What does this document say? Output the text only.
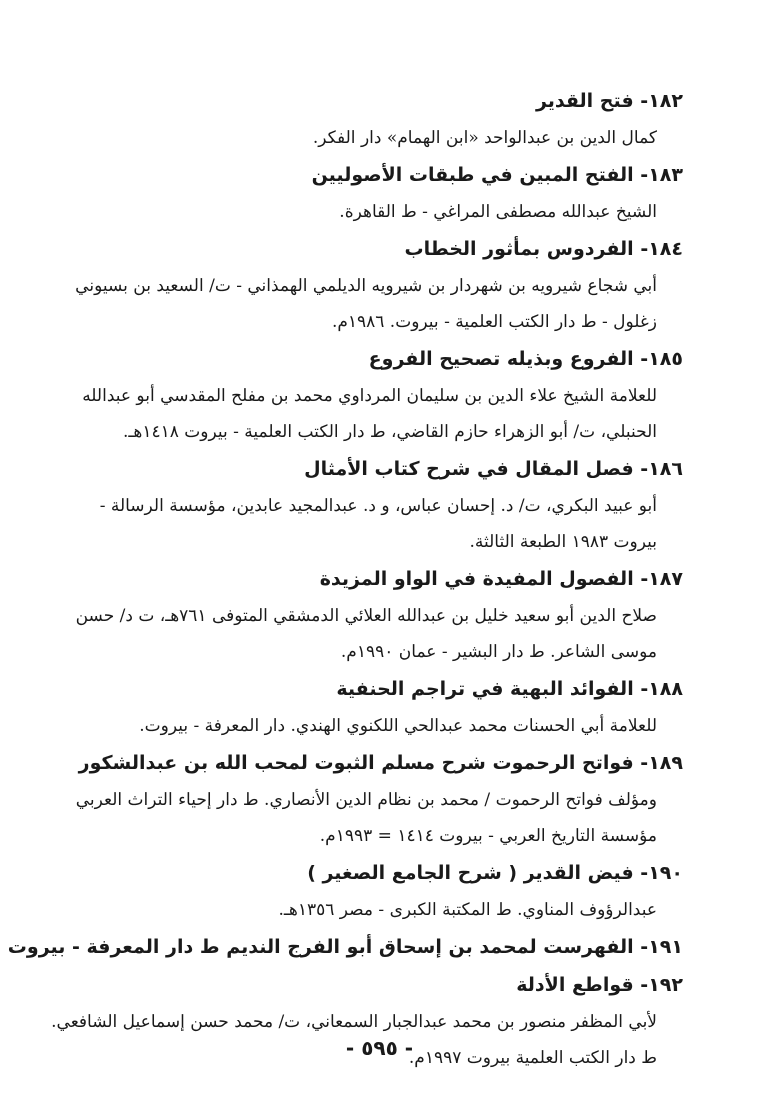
١٨٢- فتح القدير
كمال الدين بن عبدالواحد «ابن الهمام» دار الفكر.
١٨٣- الفتح المبين في طبقات الأصوليين
الشيخ عبدالله مصطفى المراغي - ط القاهرة.
١٨٤- الفردوس بمأثور الخطاب
أبي شجاع شيرويه بن شهردار بن شيرويه الديلمي الهمذاني - ت/ السعيد بن بسيوني
زغلول - ط دار الكتب العلمية - بيروت. ١٩٨٦م.
١٨٥- الفروع وبذيله تصحيح الفروع
للعلامة الشيخ علاء الدين بن سليمان المرداوي محمد بن مفلح المقدسي أبو عبدالله
الحنبلي، ت/ أبو الزهراء حازم القاضي، ط دار الكتب العلمية - بيروت ١٤١٨هـ.
١٨٦- فصل المقال في شرح كتاب الأمثال
أبو عبيد البكري، ت/ د. إحسان عباس، و د. عبدالمجيد عابدين، مؤسسة الرسالة -
بيروت ١٩٨٣ الطبعة الثالثة.
١٨٧- الفصول المفيدة في الواو المزيدة
صلاح الدين أبو سعيد خليل بن عبدالله العلائي الدمشقي المتوفى ٧٦١هـ، ت د/ حسن
موسى الشاعر. ط دار البشير - عمان ١٩٩٠م.
١٨٨- الفوائد البهية في تراجم الحنفية
للعلامة أبي الحسنات محمد عبدالحي اللكنوي الهندي. دار المعرفة - بيروت.
١٨٩- فواتح الرحموت شرح مسلم الثبوت لمحب الله بن عبدالشكور
ومؤلف فواتح الرحموت / محمد بن نظام الدين الأنصاري. ط دار إحياء التراث العربي
مؤسسة التاريخ العربي - بيروت ١٤١٤ = ١٩٩٣م.
١٩٠- فيض القدير ( شرح الجامع الصغير )
عبدالرؤوف المناوي. ط المكتبة الكبرى - مصر ١٣٥٦هـ.
١٩١- الفهرست لمحمد بن إسحاق أبو الفرج النديم ط دار المعرفة - بيروت
١٩٢- قواطع الأدلة
لأبي المظفر منصور بن محمد عبدالجبار السمعاني، ت/ محمد حسن إسماعيل الشافعي.
ط دار الكتب العلمية بيروت ١٩٩٧م.
- ٥٩٥ -
